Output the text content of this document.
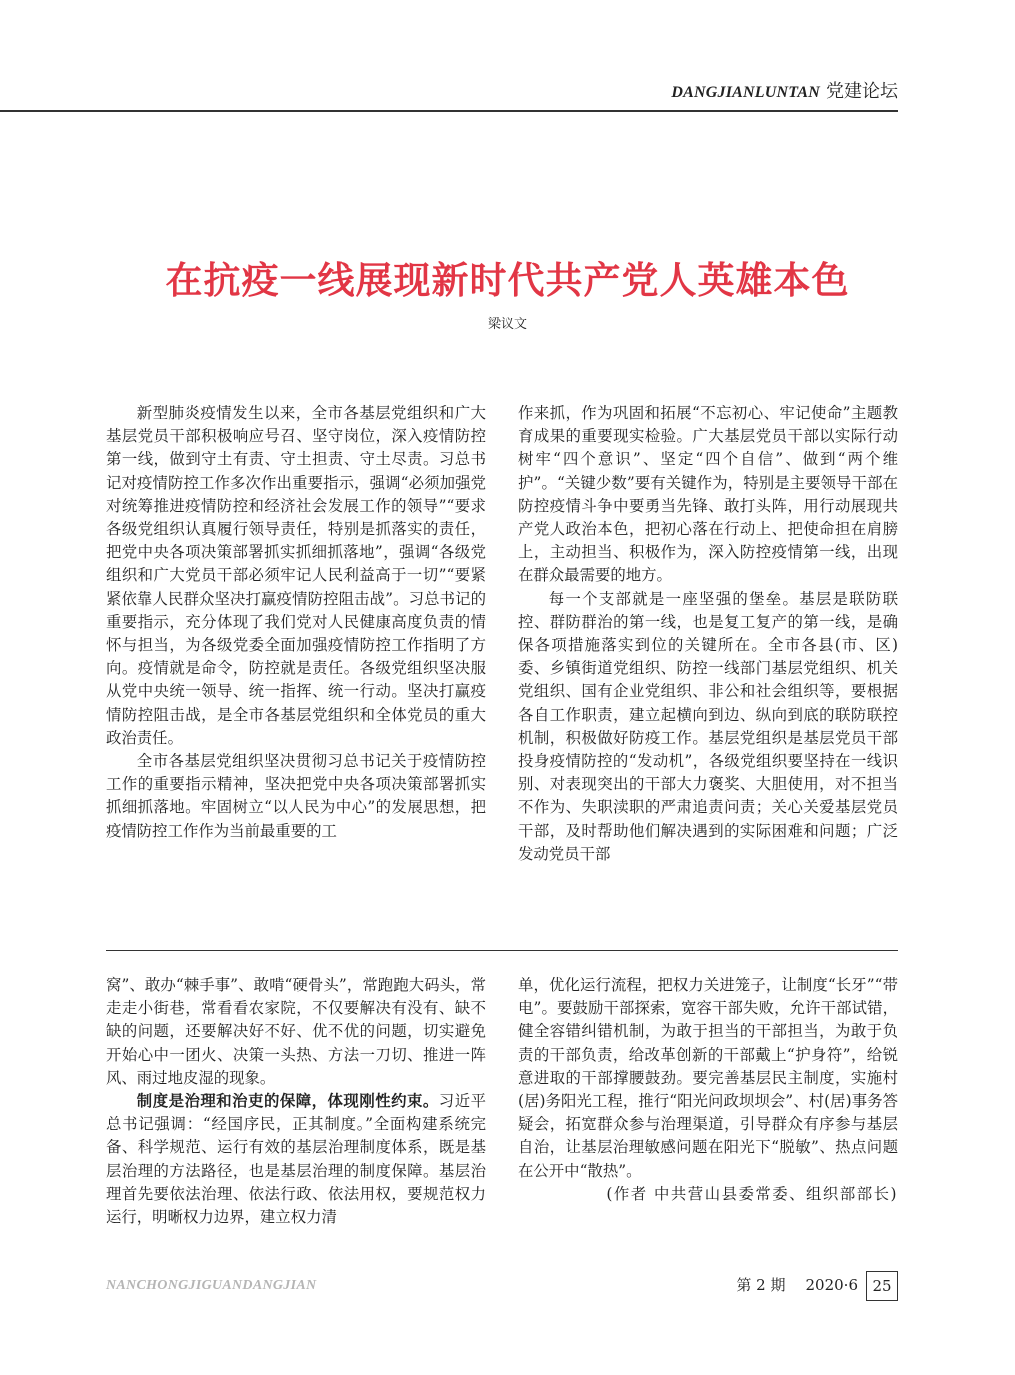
DANGJIANLUNTAN 党建论坛
在抗疫一线展现新时代共产党人英雄本色
梁议文

新型肺炎疫情发生以来，全市各基层党组织和广大基层党员干部积极响应号召、坚守岗位，深入疫情防控第一线，做到守土有责、守土担责、守土尽责。习总书记对疫情防控工作多次作出重要指示，强调“必须加强党对统筹推进疫情防控和经济社会发展工作的领导”“要求各级党组织认真履行领导责任，特别是抓落实的责任，把党中央各项决策部署抓实抓细抓落地”，强调“各级党组织和广大党员干部必须牢记人民利益高于一切”“要紧紧依靠人民群众坚决打赢疫情防控阻击战”。习总书记的重要指示，充分体现了我们党对人民健康高度负责的情怀与担当，为各级党委全面加强疫情防控工作指明了方向。疫情就是命令，防控就是责任。各级党组织坚决服从党中央统一领导、统一指挥、统一行动。坚决打赢疫情防控阻击战，是全市各基层党组织和全体党员的重大政治责任。

全市各基层党组织坚决贯彻习总书记关于疫情防控工作的重要指示精神，坚决把党中央各项决策部署抓实抓细抓落地。牢固树立“以人民为中心”的发展思想，把疫情防控工作作为当前最重要的工

作来抓，作为巩固和拓展“不忘初心、牢记使命”主题教育成果的重要现实检验。广大基层党员干部以实际行动树牢“四个意识”、坚定“四个自信”、做到“两个维护”。“关键少数”要有关键作为，特别是主要领导干部在防控疫情斗争中要勇当先锋、敢打头阵，用行动展现共产党人政治本色，把初心落在行动上、把使命担在肩膀上，主动担当、积极作为，深入防控疫情第一线，出现在群众最需要的地方。

每一个支部就是一座坚强的堡垒。基层是联防联控、群防群治的第一线，也是复工复产的第一线，是确保各项措施落实到位的关键所在。全市各县(市、区)委、乡镇街道党组织、防控一线部门基层党组织、机关党组织、国有企业党组织、非公和社会组织等，要根据各自工作职责，建立起横向到边、纵向到底的联防联控机制，积极做好防疫工作。基层党组织是基层党员干部投身疫情防控的“发动机”，各级党组织要坚持在一线识别、对表现突出的干部大力褒奖、大胆使用，对不担当不作为、失职渎职的严肃追责问责；关心关爱基层党员干部，及时帮助他们解决遇到的实际困难和问题；广泛发动党员干部

窝”、敢办“棘手事”、敢啃“硬骨头”，常跑跑大码头，常走走小街巷，常看看农家院，不仅要解决有没有、缺不缺的问题，还要解决好不好、优不优的问题，切实避免开始心中一团火、决策一头热、方法一刀切、推进一阵风、雨过地皮湿的现象。

制度是治理和治吏的保障，体现刚性约束。习近平总书记强调：“经国序民，正其制度。”全面构建系统完备、科学规范、运行有效的基层治理制度体系，既是基层治理的方法路径，也是基层治理的制度保障。基层治理首先要依法治理、依法行政、依法用权，要规范权力运行，明晰权力边界，建立权力清

单，优化运行流程，把权力关进笼子，让制度“长牙”“带电”。要鼓励干部探索，宽容干部失败，允许干部试错，健全容错纠错机制，为敢于担当的干部担当，为敢于负责的干部负责，给改革创新的干部戴上“护身符”，给锐意进取的干部撑腰鼓劲。要完善基层民主制度，实施村(居)务阳光工程，推行“阳光问政坝坝会”、村(居)事务答疑会，拓宽群众参与治理渠道，引导群众有序参与基层自治，让基层治理敏感问题在阳光下“脱敏”、热点问题在公开中“散热”。

(作者 中共营山县委常委、组织部部长)

NANCHONGJIGUANDANGJIAN	第 2 期 2020·6 25
